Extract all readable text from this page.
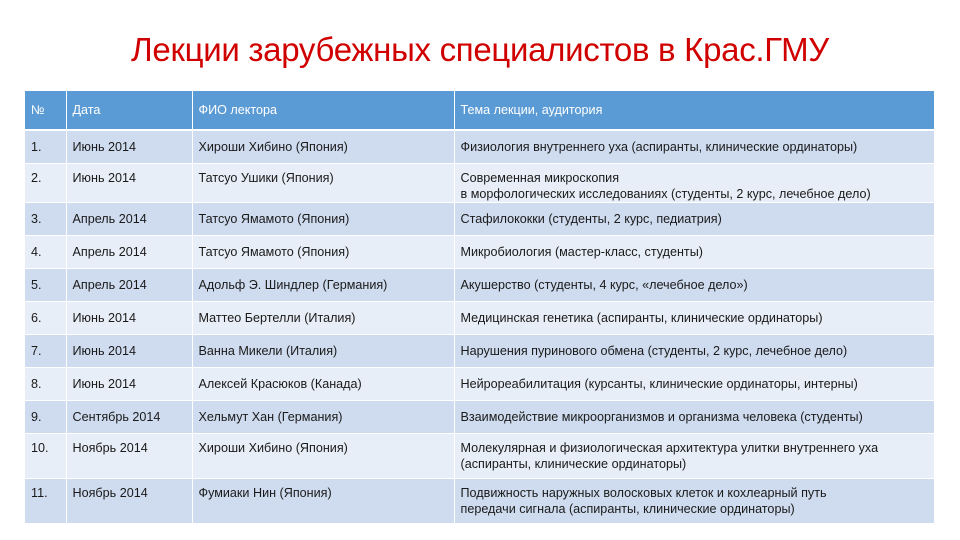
Лекции зарубежных специалистов в Крас.ГМУ
№	Дата	ФИО лектора	Тема лекции, аудитория
1.	Июнь 2014	Хироши Хибино (Япония)	Физиология внутреннего уха (аспиранты, клинические ординаторы)

2.	Июнь 2014	Татсуо Ушики (Япония)	Современная микроскопия
в морфологических исследованиях (студенты, 2 курс, лечебное дело)

3.	Апрель 2014	Татсуо Ямамото (Япония)	Стафилококки (студенты, 2 курс, педиатрия)

4.	Апрель 2014	Татсуо Ямамото (Япония)	Микробиология (мастер-класс, студенты)

5.	Апрель 2014	Адольф Э. Шиндлер (Германия)	Акушерство (студенты, 4 курс, «лечебное дело»)

6.	Июнь 2014	Маттео Бертелли (Италия)	Медицинская генетика (аспиранты, клинические ординаторы)

7.	Июнь 2014	Ванна Микели (Италия)	Нарушения пуринового обмена (студенты, 2 курс, лечебное дело)

8.	Июнь 2014	Алексей Красюков (Канада)	Нейрореабилитация (курсанты, клинические ординаторы, интерны)

9.	Сентябрь 2014	Хельмут Хан (Германия)	Взаимодействие микроорганизмов и организма человека (студенты)

10.	Ноябрь 2014	Хироши Хибино (Япония)	Молекулярная и физиологическая архитектура улитки внутреннего уха
(аспиранты, клинические ординаторы)

11.	Ноябрь 2014	Фумиаки Нин (Япония)	Подвижность наружных волосковых клеток и кохлеарный путь
передачи сигнала (аспиранты, клинические ординаторы)
